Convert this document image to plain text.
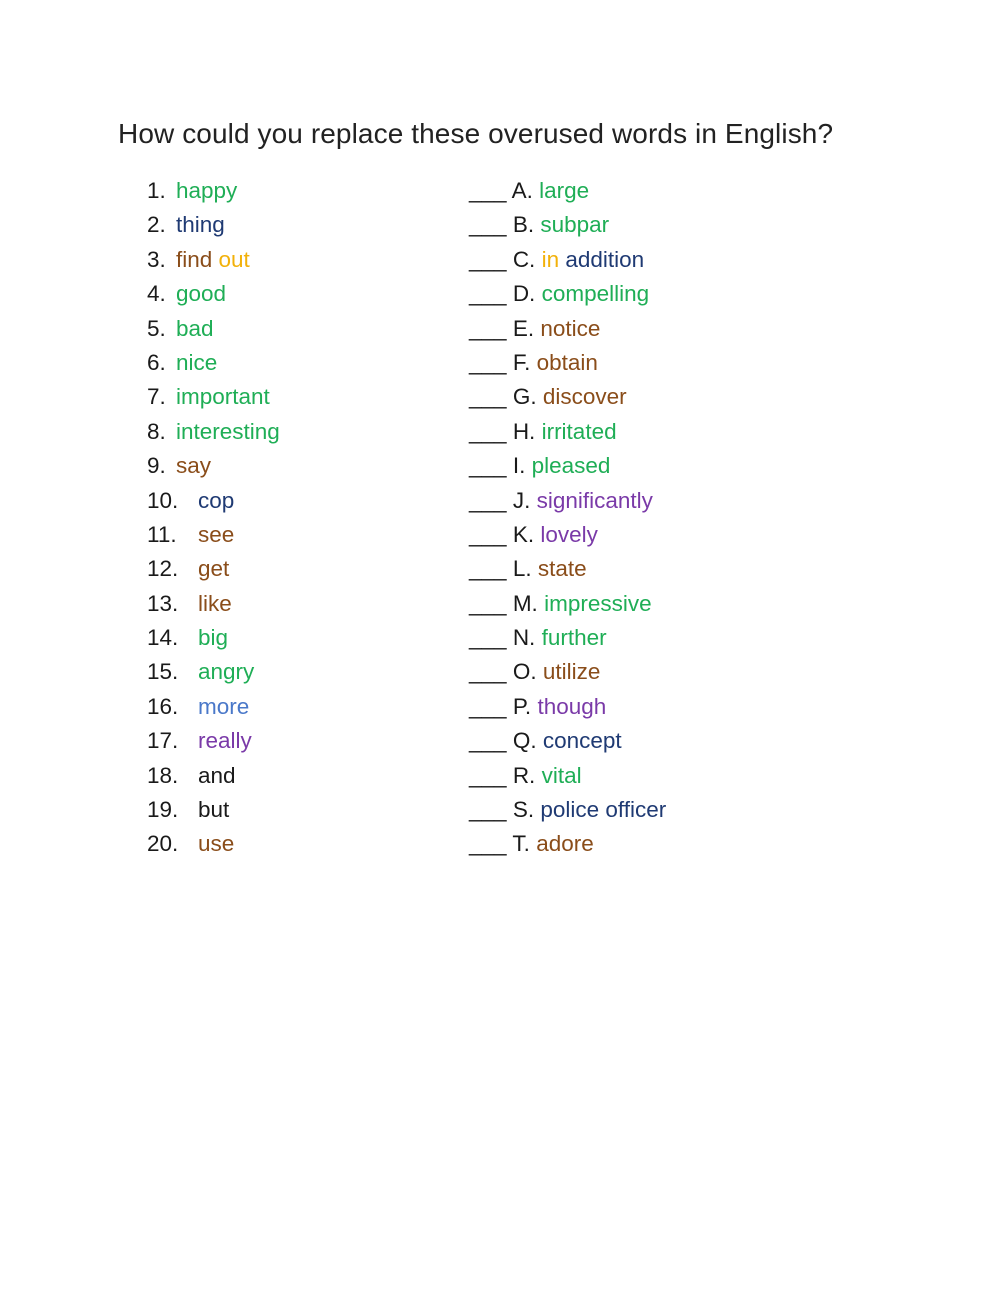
How could you replace these overused words in English?
1. happy
2. thing
3. find out
4. good
5. bad
6. nice
7. important
8. interesting
9. say
10. cop
11. see
12. get
13. like
14. big
15. angry
16. more
17. really
18. and
19. but
20. use
___ A. large
___ B. subpar
___ C. in addition
___ D. compelling
___ E. notice
___ F. obtain
___ G. discover
___ H. irritated
___ I. pleased
___ J. significantly
___ K. lovely
___ L. state
___ M. impressive
___ N. further
___ O. utilize
___ P. though
___ Q. concept
___ R. vital
___ S. police officer
___ T. adore
